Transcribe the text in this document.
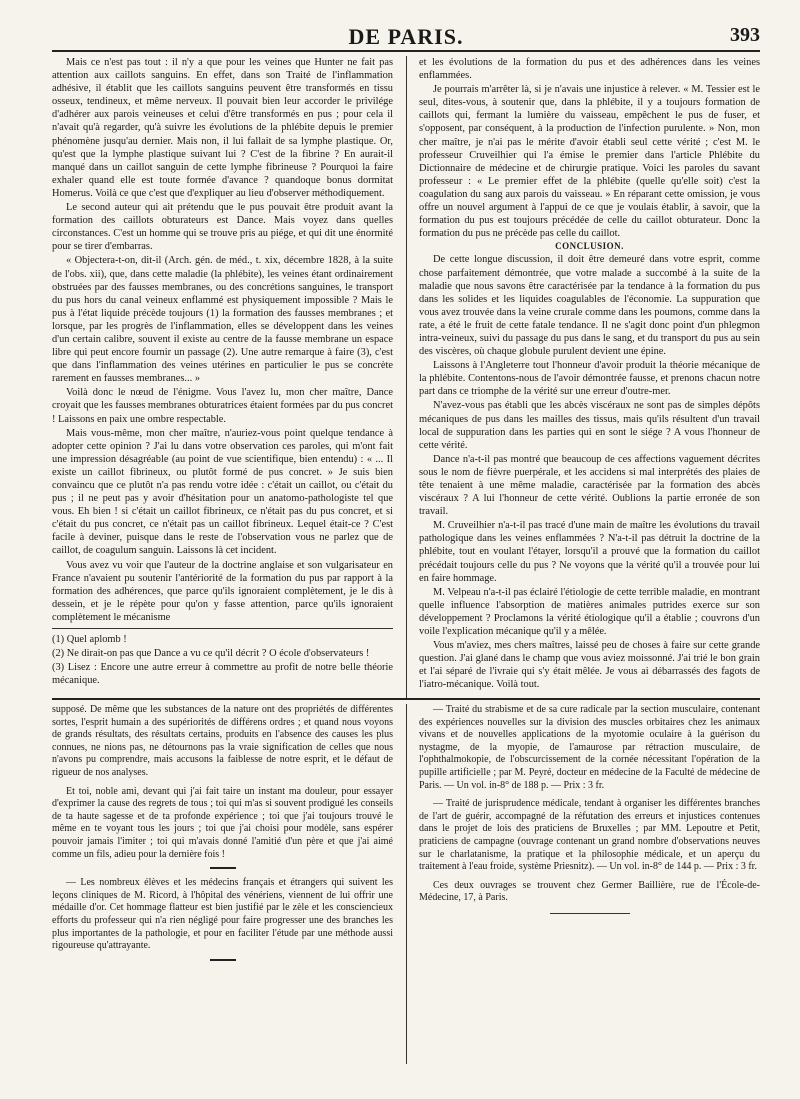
DE PARIS.	393

Mais ce n'est pas tout : il n'y a que pour les veines que Hunter ne fait pas attention aux caillots sanguins. En effet, dans son Traité de l'inflammation adhésive, il établit que les caillots sanguins peuvent être transformés en tissu osseux, tendineux, et même nerveux. Il pouvait bien leur accorder le privilége d'adhérer aux parois veineuses et celui d'être transformés en pus ; pour cela il n'avait qu'à regarder, qu'à suivre les évolutions de la phlébite depuis le premier phénomène jusqu'au dernier. Mais non, il lui fallait de sa lymphe plastique. Or, qu'est que la lymphe plastique suivant lui ? C'est de la fibrine ? En aurait-il manqué dans un caillot sanguin de cette lymphe fibrineuse ? Pourquoi la faire exhaler quand elle est toute formée d'avance ? quandoque bonus dormitat Homerus. Voilà ce que c'est que d'expliquer au lieu d'observer méthodiquement.

Le second auteur qui ait prétendu que le pus pouvait être produit avant la formation des caillots obturateurs est Dance. Mais voyez dans quelles circonstances. C'est un homme qui se trouve pris au piége, et qui dit une énormité pour se tirer d'embarras.

« Objectera-t-on, dit-il (Arch. gén. de méd., t. xix, décembre 1828, à la suite de l'obs. xii), que, dans cette maladie (la phlébite), les veines étant ordinairement obstruées par des fausses membranes, ou des concrétions sanguines, le transport du pus hors du canal veineux enflammé est physiquement impossible ? Mais le pus à l'état liquide précède toujours (1) la formation des fausses membranes ; et lorsque, par les progrès de l'inflammation, elles se développent dans les veines d'un certain calibre, souvent il existe au centre de la fausse membrane un espace libre qui peut encore fournir un passage (2). Une autre remarque à faire (3), c'est que dans l'inflammation des veines utérines en particulier le pus se concrète rarement en fausses membranes... »

Voilà donc le nœud de l'énigme. Vous l'avez lu, mon cher maître, Dance croyait que les fausses membranes obturatrices étaient formées par du pus concret ! Laissons en paix une ombre respectable.

Mais vous-même, mon cher maître, n'auriez-vous point quelque tendance à adopter cette opinion ? J'ai lu dans votre observation ces paroles, qui m'ont fait une impression désagréable (au point de vue scientifique, bien entendu) : « ... Il existe un caillot fibrineux, ou plutôt formé de pus concret. » Je suis bien convaincu que ce plutôt n'a pas rendu votre idée : c'était un caillot, ou c'était du pus ; il ne peut pas y avoir d'hésitation pour un anatomo-pathologiste tel que vous. Eh bien ! si c'était un caillot fibrineux, ce n'était pas du pus concret, et si c'était du pus concret, ce n'était pas un caillot fibrineux. Lequel était-ce ? C'est facile à deviner, puisque dans le reste de l'observation vous ne parlez que de caillot, de coagulum sanguin. Laissons là cet incident.

Vous avez vu voir que l'auteur de la doctrine anglaise et son vulgarisateur en France n'avaient pu soutenir l'antériorité de la formation du pus par rapport à la formation des adhérences, que parce qu'ils ignoraient complètement, je le dis à dessein, et je le répète pour qu'on y fasse attention, parce qu'ils ignoraient complètement le mécanisme

(1) Quel aplomb !

(2) Ne dirait-on pas que Dance a vu ce qu'il décrit ? O école d'observateurs !

(3) Lisez : Encore une autre erreur à commettre au profit de notre belle théorie mécanique.

et les évolutions de la formation du pus et des adhérences dans les veines enflammées.

Je pourrais m'arrêter là, si je n'avais une injustice à relever. « M. Tessier est le seul, dites-vous, à soutenir que, dans la phlébite, il y a toujours formation de caillots qui, fermant la lumière du vaisseau, empêchent le pus de fuser, et s'opposent, par conséquent, à la production de l'infection purulente. » Non, mon cher maître, je n'ai pas le mérite d'avoir établi seul cette vérité ; c'est M. le professeur Cruveilhier qui l'a émise le premier dans l'article Phlébite du Dictionnaire de médecine et de chirurgie pratique. Voici les paroles du savant professeur : « Le premier effet de la phlébite (quelle qu'elle soit) c'est la coagulation du sang aux parois du vaisseau. » En réparant cette omission, je vous offre un nouvel argument à l'appui de ce que je voulais établir, à savoir, que la formation du pus est toujours précédée de celle du caillot obturateur. Donc la formation du pus ne précède pas celle du caillot.

CONCLUSION.

De cette longue discussion, il doit être demeuré dans votre esprit, comme chose parfaitement démontrée, que votre malade a succombé à la suite de la maladie que nous savons être caractérisée par la tendance à la formation du pus dans les solides et les liquides coagulables de l'économie. La suppuration que vous avez trouvée dans la veine crurale comme dans les poumons, comme dans la rate, a été le fruit de cette fatale tendance. Il ne s'agit donc point d'un phlegmon intra-veineux, suivi du passage du pus dans le sang, et du transport du pus au sein des viscères, où chaque globule purulent devient une épine.

Laissons à l'Angleterre tout l'honneur d'avoir produit la théorie mécanique de la phlébite. Contentons-nous de l'avoir démontrée fausse, et prenons chacun notre part dans ce triomphe de la vérité sur une erreur d'outre-mer.

N'avez-vous pas établi que les abcès viscéraux ne sont pas de simples dépôts mécaniques de pus dans les mailles des tissus, mais qu'ils résultent d'un travail local de suppuration dans les parties qui en sont le siége ? A vous l'honneur de cette vérité.

Dance n'a-t-il pas montré que beaucoup de ces affections vaguement décrites sous le nom de fièvre puerpérale, et les accidens si mal interprétés des plaies de tête tenaient à une même maladie, caractérisée par la formation des abcès viscéraux ? A lui l'honneur de cette vérité. Oublions la partie erronée de son travail.

M. Cruveilhier n'a-t-il pas tracé d'une main de maître les évolutions du travail pathologique dans les veines enflammées ? N'a-t-il pas détruit la doctrine de la phlébite, tout en voulant l'étayer, lorsqu'il a prouvé que la formation du caillot précédait toujours celle du pus ? Ne voyons que la vérité qu'il a trouvée pour lui en faire hommage.

M. Velpeau n'a-t-il pas éclairé l'étiologie de cette terrible maladie, en montrant quelle influence l'absorption de matières animales putrides exerce sur son développement ? Proclamons la vérité étiologique qu'il a établie ; couvrons d'un voile l'explication mécanique qu'il y a mêlée.

Vous m'aviez, mes chers maîtres, laissé peu de choses à faire sur cette grande question. J'ai glané dans le champ que vous aviez moissonné. J'ai trié le bon grain et l'ai séparé de l'ivraie qui s'y était mêlée. Je vous ai débarrassés des fagots de l'iatro-mécanique. Voilà tout.

supposé. De même que les substances de la nature ont des propriétés de différentes sortes, l'esprit humain a des supériorités de différens ordres ; et quand nous voyons de grands résultats, des résultats certains, produits en l'absence des causes les plus connues, ne nions pas, ne détournons pas la vraie signification de celles que nous n'avons pu comprendre, mais accusons la faiblesse de notre esprit, et le défaut de rigueur de nos analyses.

Et toi, noble ami, devant qui j'ai fait taire un instant ma douleur, pour essayer d'exprimer la cause des regrets de tous ; toi qui m'as si souvent prodigué les conseils de ta haute sagesse et de ta profonde expérience ; toi que j'ai toujours trouvé le même en te voyant tous les jours ; toi que j'ai choisi pour modèle, sans espérer pouvoir jamais l'imiter ; toi qui m'avais donné l'amitié d'un père et que j'ai aimé comme un fils, adieu pour la dernière fois !

— Les nombreux élèves et les médecins français et étrangers qui suivent les leçons cliniques de M. Ricord, à l'hôpital des vénériens, viennent de lui offrir une médaille d'or. Cet hommage flatteur est bien justifié par le zèle et les consciencieux efforts du professeur qui n'a rien négligé pour faire progresser une des branches les plus importantes de la pathologie, et pour en faciliter l'étude par une méthode aussi rigoureuse qu'attrayante.

— Traité du strabisme et de sa cure radicale par la section musculaire, contenant des expériences nouvelles sur la division des muscles orbitaires chez les animaux vivans et de nouvelles applications de la myotomie oculaire à la guérison du nystagme, de la myopie, de l'amaurose par rétraction musculaire, de l'ophthalmokopie, de l'obscurcissement de la cornée nécessitant l'opération de la pupille artificielle ; par M. Peyré, docteur en médecine de la Faculté de médecine de Paris. — Un vol. in-8° de 188 p. — Prix : 3 fr.

— Traité de jurisprudence médicale, tendant à organiser les différentes branches de l'art de guérir, accompagné de la réfutation des erreurs et injustices contenues dans le projet de lois des praticiens de Bruxelles ; par MM. Lepoutre et Petit, praticiens de campagne (ouvrage contenant un grand nombre d'observations neuves sur le charlatanisme, la pratique et la philosophie médicale, et un aperçu du traitement à l'eau froide, système Priesnitz). — Un vol. in-8° de 144 p. — Prix : 3 fr.

Ces deux ouvrages se trouvent chez Germer Baillière, rue de l'École-de-Médecine, 17, à Paris.
